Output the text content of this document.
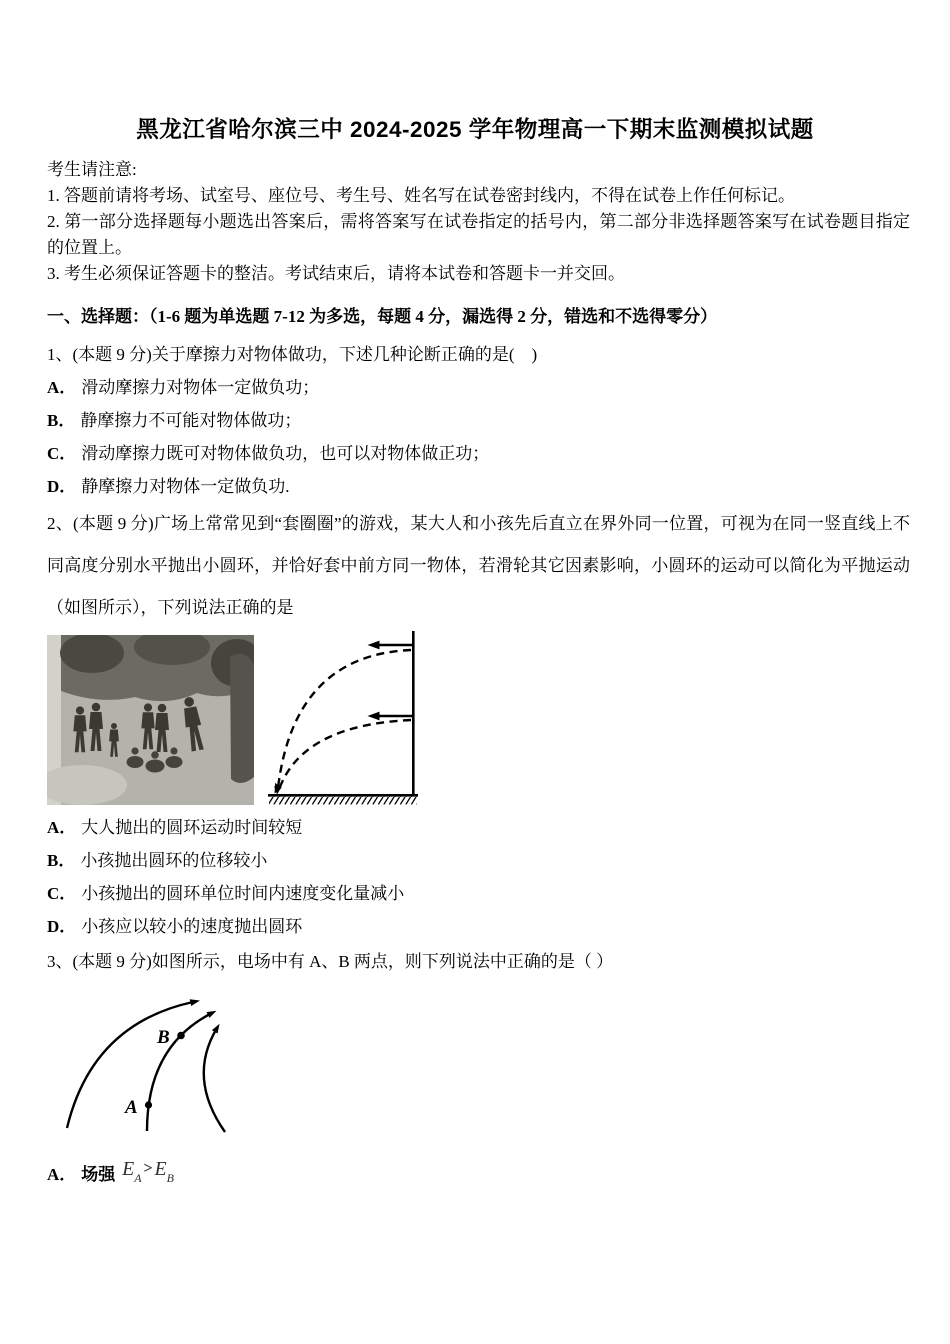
黑龙江省哈尔滨三中 2024-2025 学年物理高一下期末监测模拟试题

考生请注意:

1. 答题前请将考场、试室号、座位号、考生号、姓名写在试卷密封线内，不得在试卷上作任何标记。

2. 第一部分选择题每小题选出答案后，需将答案写在试卷指定的括号内，第二部分非选择题答案写在试卷题目指定的位置上。

3. 考生必须保证答题卡的整洁。考试结束后，请将本试卷和答题卡一并交回。

一、选择题：（1-6 题为单选题 7-12 为多选，每题 4 分，漏选得 2 分，错选和不选得零分）

1、(本题 9 分)关于摩擦力对物体做功，下述几种论断正确的是(　)

A． 滑动摩擦力对物体一定做负功；

B． 静摩擦力不可能对物体做功；

C． 滑动摩擦力既可对物体做负功，也可以对物体做正功；

D． 静摩擦力对物体一定做负功.

2、(本题 9 分)广场上常常见到“套圈圈”的游戏，某大人和小孩先后直立在界外同一位置，可视为在同一竖直线上不同高度分别水平抛出小圆环，并恰好套中前方同一物体，若滑轮其它因素影响，小圆环的运动可以简化为平抛运动（如图所示），下列说法正确的是

A． 大人抛出的圆环运动时间较短

B． 小孩抛出圆环的位移较小

C． 小孩抛出的圆环单位时间内速度变化量减小

D． 小孩应以较小的速度抛出圆环

3、(本题 9 分)如图所示，电场中有 A、B 两点，则下列说法中正确的是（ ）

A
B

A． 场强 $E_A> E_B$
